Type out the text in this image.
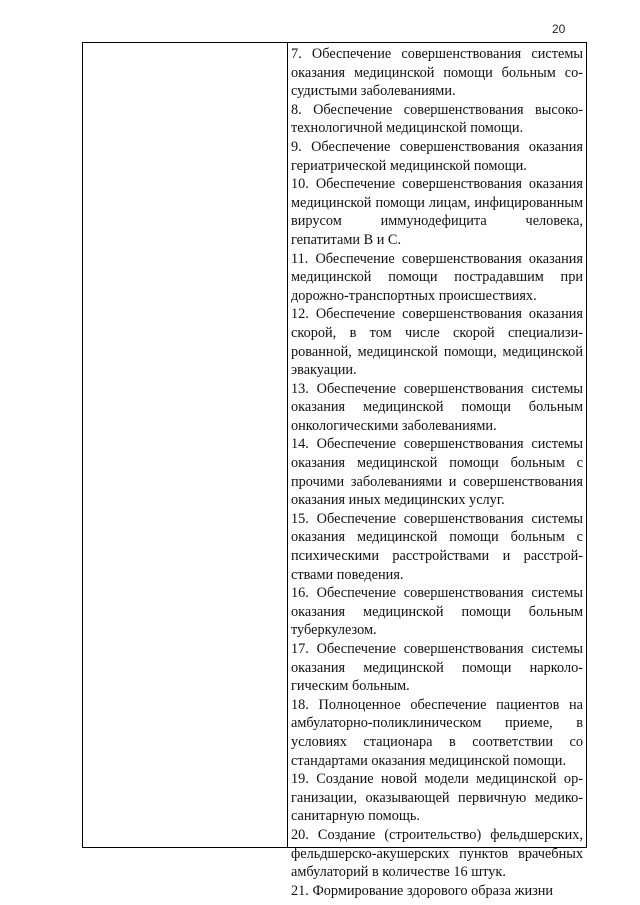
20

7. Обеспечение совершенствования системы оказания медицинской помощи больным сосудистыми заболеваниями.

8. Обеспечение совершенствования высокотехнологичной медицинской помощи.

9. Обеспечение совершенствования оказания гериатрической медицинской помощи.

10. Обеспечение совершенствования оказания медицинской помощи лицам, инфицированным вирусом иммунодефицита человека, гепатитами В и С.

11. Обеспечение совершенствования оказания медицинской помощи пострадавшим при дорожно-транспортных происшествиях.

12. Обеспечение совершенствования оказания скорой, в том числе скорой специализированной, медицинской помощи, медицинской эвакуации.

13. Обеспечение совершенствования системы оказания медицинской помощи больным онкологическими заболеваниями.

14. Обеспечение совершенствования системы оказания медицинской помощи больным с прочими заболеваниями и совершенствования оказания иных медицинских услуг.

15. Обеспечение совершенствования системы оказания медицинской помощи больным с психическими расстройствами и расстройствами поведения.

16. Обеспечение совершенствования системы оказания медицинской помощи больным туберкулезом.

17. Обеспечение совершенствования системы оказания медицинской помощи наркологическим больным.

18. Полноценное обеспечение пациентов на амбулаторно-поликлиническом приеме, в условиях стационара в соответствии со стандартами оказания медицинской помощи.

19. Создание новой модели медицинской организации, оказывающей первичную медико-санитарную помощь.

20. Создание (строительство) фельдшерских, фельдшерско-акушерских пунктов врачебных амбулаторий в количестве 16 штук.

21. Формирование здорового образа жизни
